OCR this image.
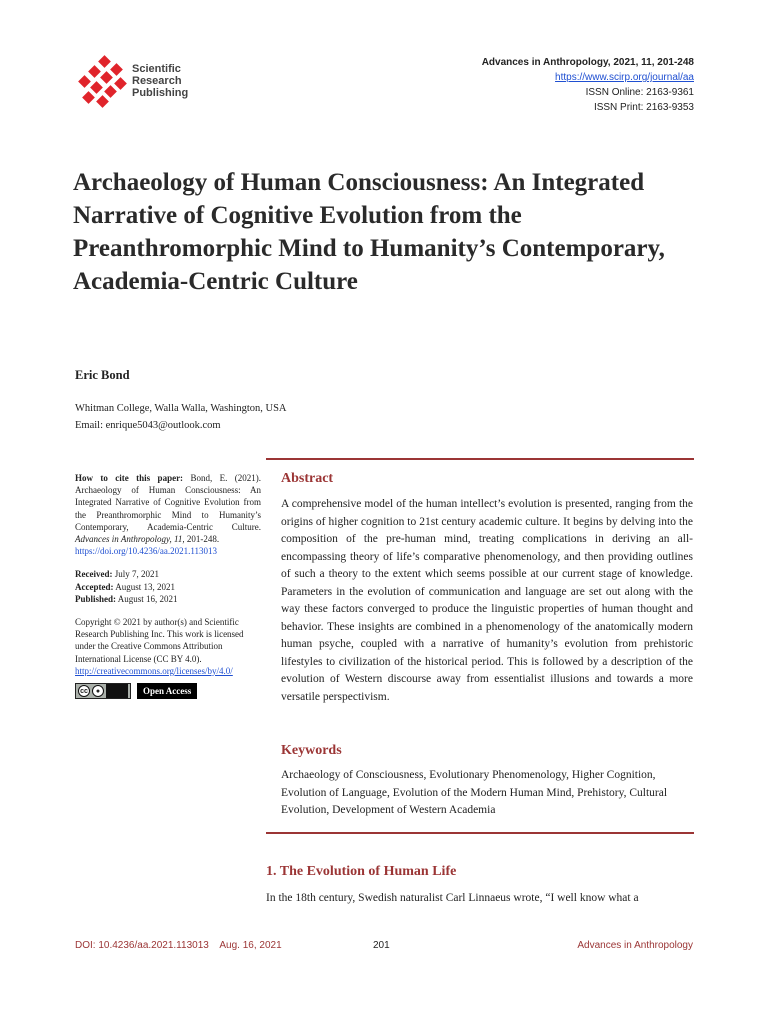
Scientific
Research
Publishing
Advances in Anthropology, 2021, 11, 201-248
https://www.scirp.org/journal/aa
ISSN Online: 2163-9361
ISSN Print: 2163-9353
Archaeology of Human Consciousness: An Integrated Narrative of Cognitive Evolution from the Preanthromorphic Mind to Humanity’s Contemporary, Academia-Centric Culture
Eric Bond
Whitman College, Walla Walla, Washington, USA
Email: enrique5043@outlook.com
How to cite this paper: Bond, E. (2021). Archaeology of Human Consciousness: An Integrated Narrative of Cognitive Evolution from the Preanthromorphic Mind to Humanity’s Contemporary, Academia-Centric Culture. Advances in Anthropology, 11, 201-248.
https://doi.org/10.4236/aa.2021.113013
Received: July 7, 2021
Accepted: August 13, 2021
Published: August 16, 2021
Copyright © 2021 by author(s) and Scientific Research Publishing Inc. This work is licensed under the Creative Commons Attribution International License (CC BY 4.0).
http://creativecommons.org/licenses/by/4.0/
cc	●	Open Access
Abstract
A comprehensive model of the human intellect’s evolution is presented, ranging from the origins of higher cognition to 21st century academic culture. It begins by delving into the composition of the pre-human mind, treating complications in deriving an all-encompassing theory of life’s comparative phenomenology, and then providing outlines of such a theory to the extent which seems possible at our current stage of knowledge. Parameters in the evolution of communication and language are set out along with the way these factors converged to produce the linguistic properties of human thought and behavior. These insights are combined in a phenomenology of the anatomically modern human psyche, coupled with a narrative of humanity’s evolution from prehistoric lifestyles to civilization of the historical period. This is followed by a description of the evolution of Western discourse away from essentialist illusions and towards a more versatile perspectivism.
Keywords
Archaeology of Consciousness, Evolutionary Phenomenology, Higher Cognition, Evolution of Language, Evolution of the Modern Human Mind, Prehistory, Cultural Evolution, Development of Western Academia
1. The Evolution of Human Life
In the 18th century, Swedish naturalist Carl Linnaeus wrote, “I well know what a
DOI: 10.4236/aa.2021.113013    Aug. 16, 2021	201	Advances in Anthropology
